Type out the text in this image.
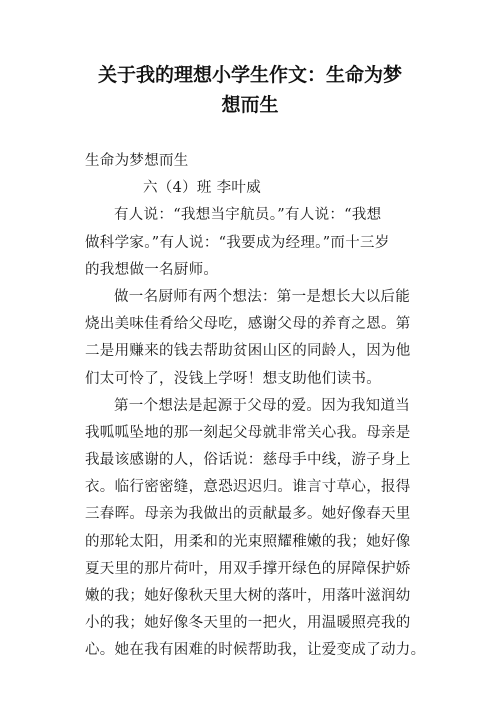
关于我的理想小学生作文：生命为梦
想而生
生命为梦想而生
六（4）班 李叶威
有人说：“我想当宇航员。”有人说：“我想
做科学家。”有人说：“我要成为经理。”而十三岁
的我想做一名厨师。
做一名厨师有两个想法：第一是想长大以后能
烧出美味佳肴给父母吃，感谢父母的养育之恩。第
二是用赚来的钱去帮助贫困山区的同龄人，因为他
们太可怜了，没钱上学呀！想支助他们读书。
第一个想法是起源于父母的爱。因为我知道当
我呱呱坠地的那一刻起父母就非常关心我。母亲是
我最该感谢的人，俗话说：慈母手中线，游子身上
衣。临行密密缝，意恐迟迟归。谁言寸草心，报得
三春晖。母亲为我做出的贡献最多。她好像春天里
的那轮太阳，用柔和的光束照耀稚嫩的我；她好像
夏天里的那片荷叶，用双手撑开绿色的屏障保护娇
嫩的我；她好像秋天里大树的落叶，用落叶滋润幼
小的我；她好像冬天里的一把火，用温暖照亮我的
心。她在我有困难的时候帮助我，让爱变成了动力。
